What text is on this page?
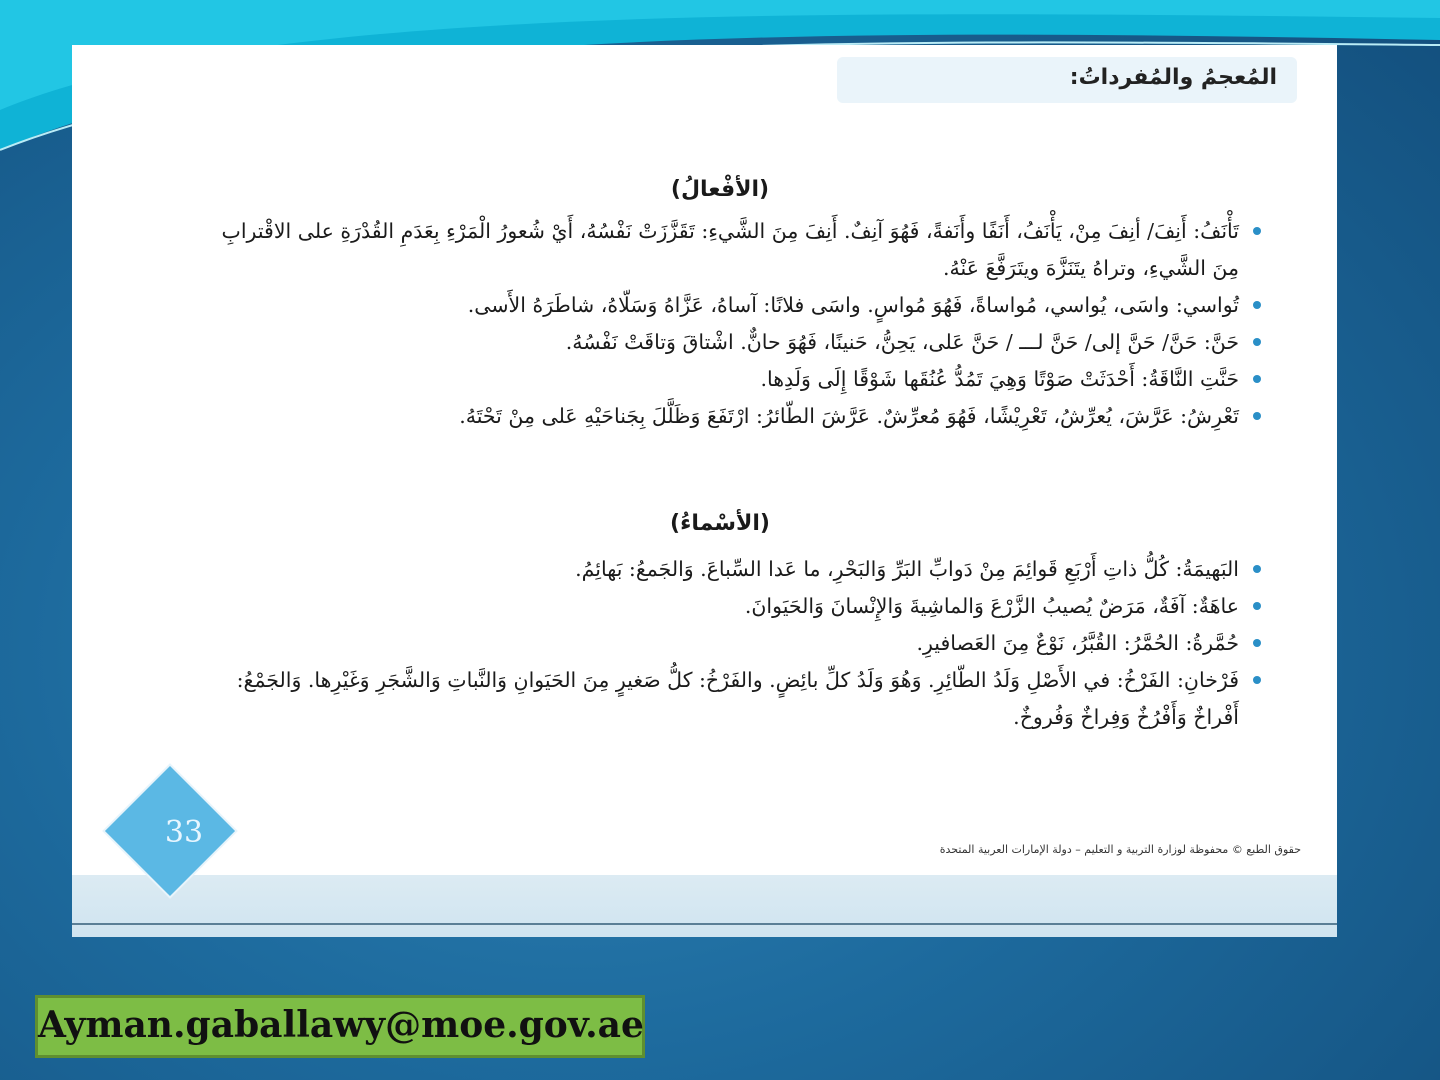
المُعجمُ والمُفرداتُ:
(الأفْعالُ)
تَأْنَفُ: أَنِفَ/ أنِفَ مِنْ، يَأْنَفُ، أَنَفًا وأَنَفةً، فَهُوَ آنِفٌ. أَنِفَ مِنَ الشَّيءِ: تَقَزَّزَتْ نَفْسُهُ، أَيْ شُعورُ الْمَرْءِ بِعَدَمِ القُدْرَةِ على الاقْترابِ مِنَ الشَّيءِ، وتراهُ يتَنَزَّهَ ويتَرَفَّعَ عَنْهُ.
تُواسي: واسَى، يُواسي، مُواساةً، فَهُوَ مُواسٍ. واسَى فلانًا: آساهُ، عَزَّاهُ وَسَلّاهُ، شاطَرَهُ الأَسى.
حَنَّ: حَنَّ/ حَنَّ إلى/ حَنَّ لـــ / حَنَّ عَلى، يَحِنُّ، حَنينًا، فَهُوَ حانٌّ. اشْتاقَ وَتاقَتْ نَفْسُهُ.
حَنَّتِ النَّاقَةُ: أَحْدَثَتْ صَوْتًا وَهِيَ تَمُدُّ عُنُقَها شَوْقًا إِلَى وَلَدِها.
تَعْرِشُ: عَرَّشَ، يُعرِّشُ، تَعْرِيْشًا، فَهُوَ مُعرِّشٌ. عَرَّشَ الطّائرُ: ارْتَفَعَ وَظَلَّلَ بِجَناحَيْهِ عَلى مِنْ تَحْتَهُ.
(الأسْماءُ)
البَهيمَةُ: كُلُّ ذاتِ أَرْبَعِ قَوائِمَ مِنْ دَوابِّ البَرِّ وَالبَحْرِ، ما عَدا السِّباعَ. وَالجَمعُ: بَهائِمُ.
عاهَةٌ: آفَةٌ، مَرَضٌ يُصيبُ الزَّرْعَ وَالماشِيةَ وَالإِنْسانَ وَالحَيَوانَ.
حُمَّرةُ: الحُمَّرُ: القُبَّرُ، نَوْعٌ مِنَ العَصافيرِ.
فَرْخانِ: الفَرْخُ: في الأَصْلِ وَلَدُ الطّائِرِ. وَهُوَ وَلَدُ كلِّ بائِضٍ. والفَرْخُ: كلُّ صَغيرٍ مِنَ الحَيَوانِ وَالنَّباتِ وَالشَّجَرِ وَغَيْرِها. وَالجَمْعُ: أَفْراخٌ وَأَفْرُخٌ وَفِراخٌ وَفُروخٌ.

حقوق الطبع © محفوظة لوزارة التربية و التعليم – دولة الإمارات العربية المتحدة

33

Ayman.gaballawy@moe.gov.ae
